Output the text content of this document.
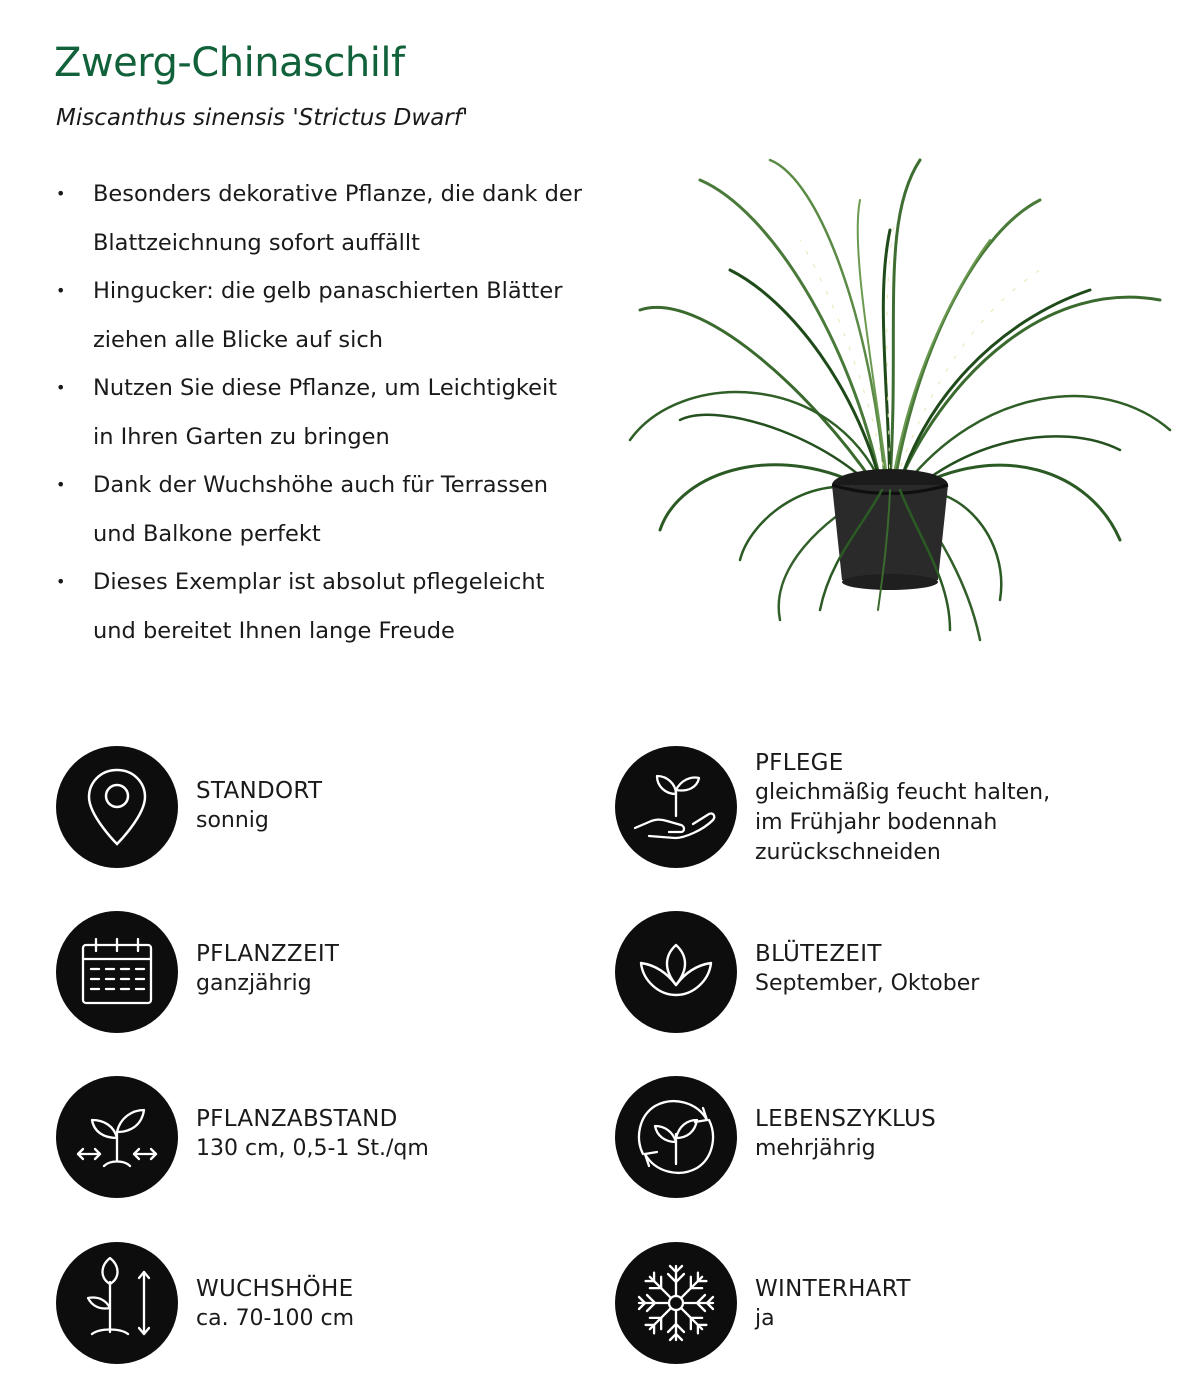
Zwerg-Chinaschilf

Miscanthus sinensis 'Strictus Dwarf'

• Besonders dekorative Pflanze, die dank der
Blattzeichnung sofort auffällt
• Hingucker: die gelb panaschierten Blätter
ziehen alle Blicke auf sich
• Nutzen Sie diese Pflanze, um Leichtigkeit
in Ihren Garten zu bringen
• Dank der Wuchshöhe auch für Terrassen
und Balkone perfekt
• Dieses Exemplar ist absolut pflegeleicht
und bereitet Ihnen lange Freude
STANDORT
sonnig
PFLEGE
gleichmäßig feucht halten,
im Frühjahr bodennah
zurückschneiden
PFLANZZEIT
ganzjährig
BLÜTEZEIT
September, Oktober
PFLANZABSTAND
130 cm, 0,5-1 St./qm
LEBENSZYKLUS
mehrjährig
WUCHSHÖHE
ca. 70-100 cm
WINTERHART
ja
